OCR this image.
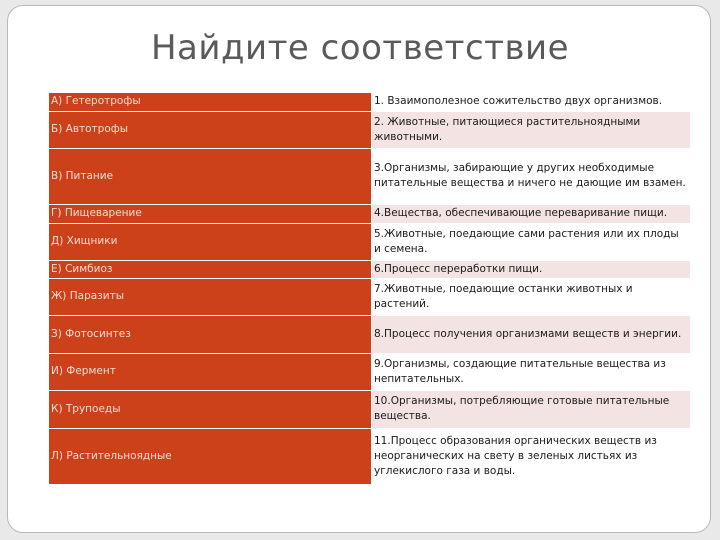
Найдите соответствие
А) Гетеротрофы	1. Взаимополезное сожительство двух организмов.
Б) Автотрофы	2. Животные, питающиеся растительноядными животными.
В) Питание	3.Организмы, забирающие у других необходимые питательные вещества и ничего не дающие им взамен.
Г) Пищеварение	4.Вещества, обеспечивающие переваривание пищи.
Д) Хищники	5.Животные, поедающие сами растения или их плоды и семена.
Е) Симбиоз	6.Процесс переработки пищи.
Ж) Паразиты	7.Животные, поедающие останки животных и растений.
З) Фотосинтез	8.Процесс получения организмами веществ и энергии.
И) Фермент	9.Организмы, создающие питательные вещества из непитательных.
К) Трупоеды	10.Организмы, потребляющие готовые питательные вещества.
Л) Растительноядные	11.Процесс образования органических веществ из неорганических на свету в зеленых листьях из углекислого газа и воды.
